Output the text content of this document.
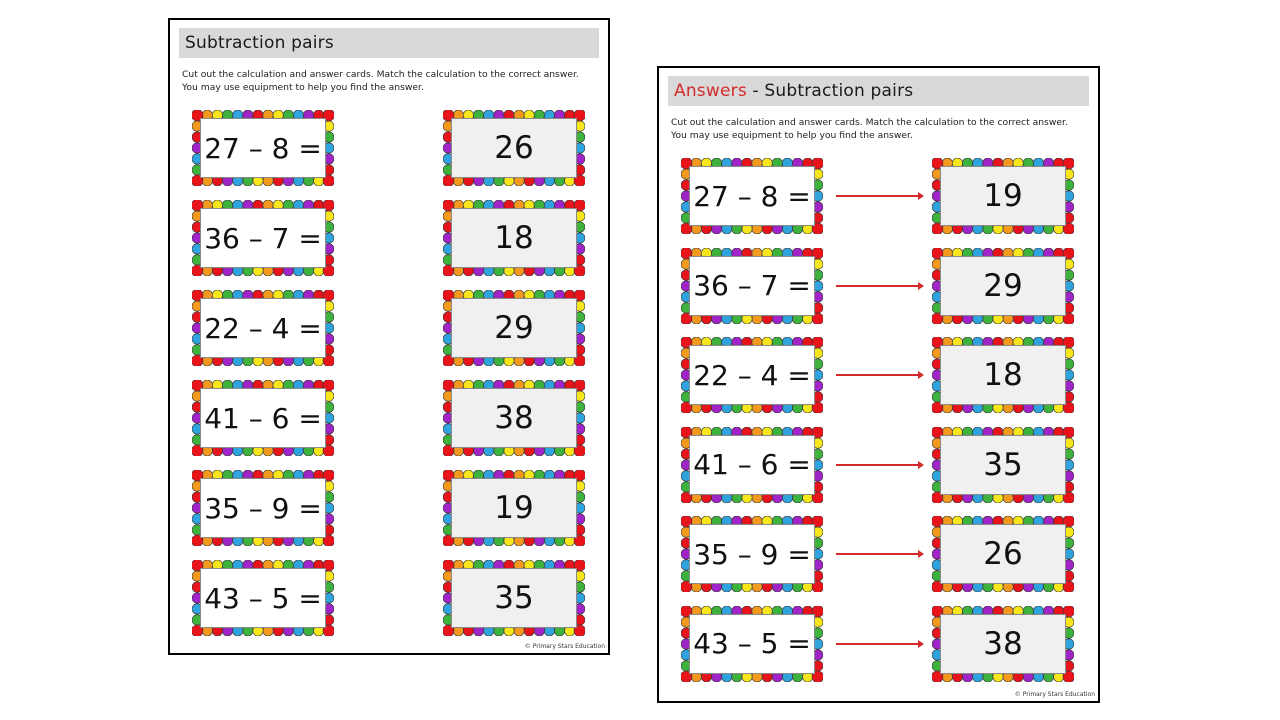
Subtraction pairs
Cut out the calculation and answer cards. Match the calculation to the correct answer.
You may use equipment to help you find the answer.
27 – 8 =	26
36 – 7 =	18
22 – 4 =	29
41 – 6 =	38
35 – 9 =	19
43 – 5 =	35
© Primary Stars Education
Answers - Subtraction pairs
Cut out the calculation and answer cards. Match the calculation to the correct answer.
You may use equipment to help you find the answer.
27 – 8 =	19
36 – 7 =	29
22 – 4 =	18
41 – 6 =	35
35 – 9 =	26
43 – 5 =	38
© Primary Stars Education
